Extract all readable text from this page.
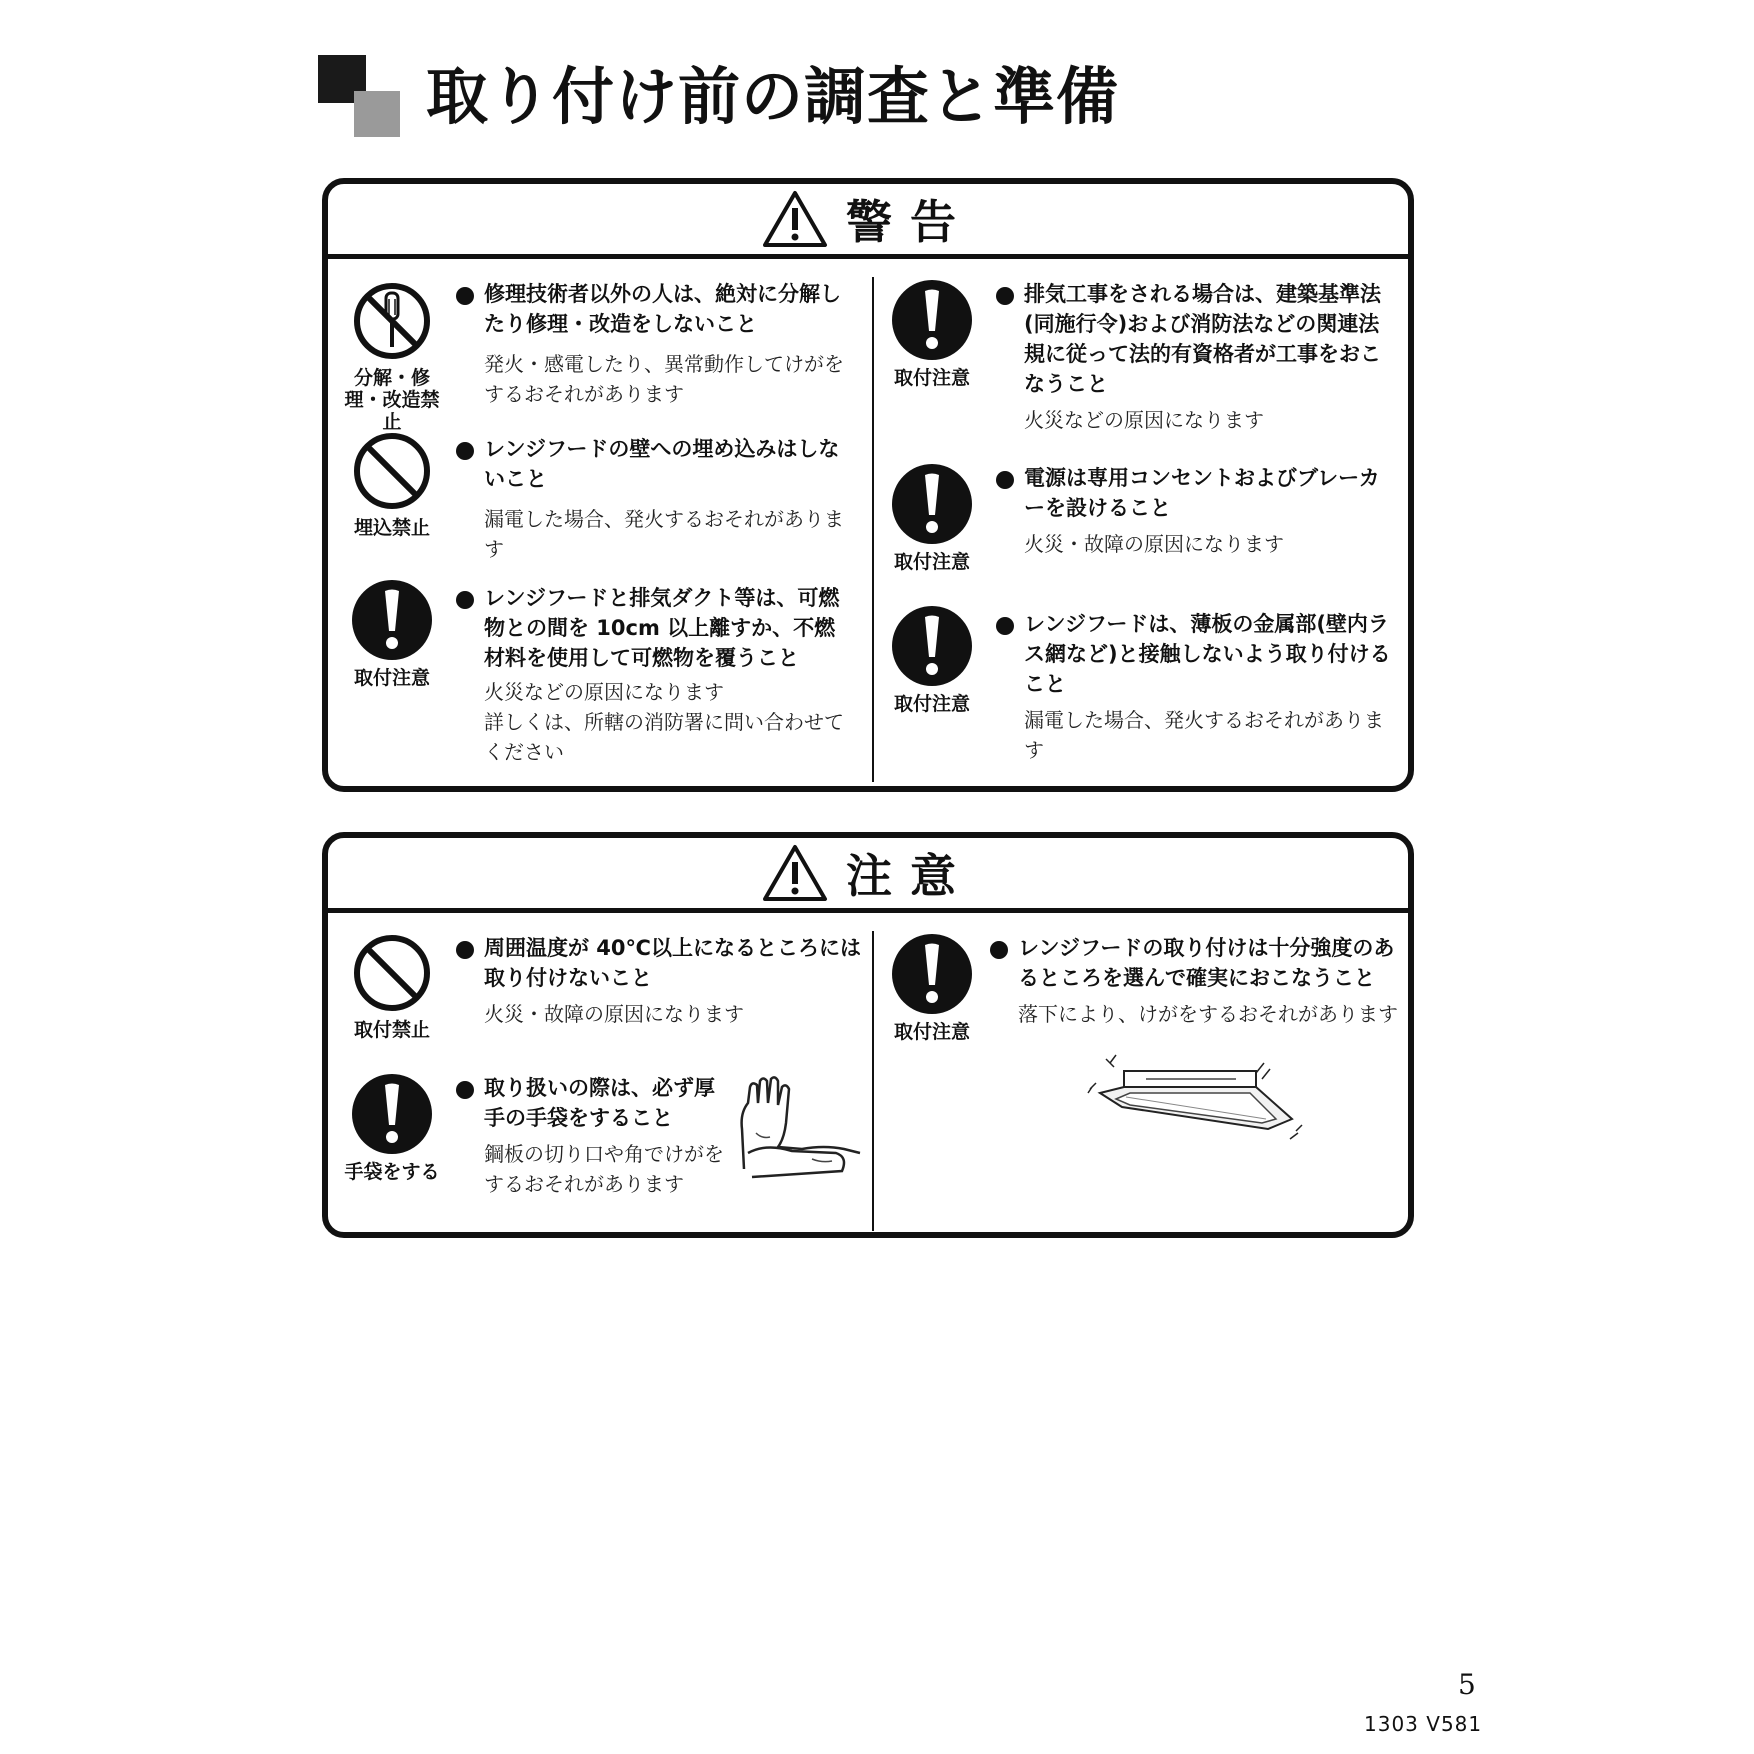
取り付け前の調査と準備
警告
分解・修理・改造禁止
修理技術者以外の人は、絶対に分解したり修理・改造をしないこと
発火・感電したり、異常動作してけがをするおそれがあります
埋込禁止
レンジフードの壁への埋め込みはしないこと
漏電した場合、発火するおそれがあります
取付注意
レンジフードと排気ダクト等は、可燃物との間を 10cm 以上離すか、不燃材料を使用して可燃物を覆うこと
火災などの原因になります
詳しくは、所轄の消防署に問い合わせてください
取付注意
排気工事をされる場合は、建築基準法(同施行令)および消防法などの関連法規に従って法的有資格者が工事をおこなうこと
火災などの原因になります
取付注意
電源は専用コンセントおよびブレーカーを設けること
火災・故障の原因になります
取付注意
レンジフードは、薄板の金属部(壁内ラス網など)と接触しないよう取り付けること
漏電した場合、発火するおそれがあります
注意
取付禁止
周囲温度が 40℃以上になるところには取り付けないこと
火災・故障の原因になります
手袋をする
取り扱いの際は、必ず厚手の手袋をすること
鋼板の切り口や角でけがをするおそれがあります
取付注意
レンジフードの取り付けは十分強度のあるところを選んで確実におこなうこと
落下により、けがをするおそれがあります
5
1303 V581
